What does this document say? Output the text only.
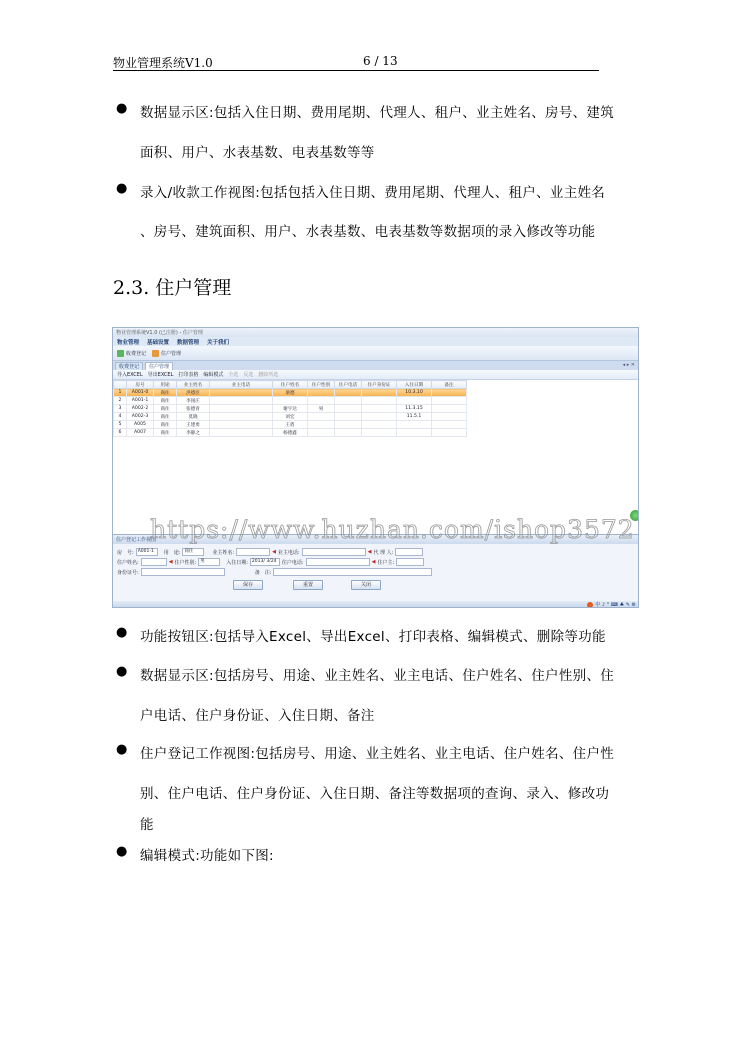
物业管理系统V1.0	6 / 13
● 数据显示区:包括入住日期、费用尾期、代理人、租户、业主姓名、房号、建筑
面积、用户、水表基数、电表基数等等
● 录入/收款工作视图:包括包括入住日期、费用尾期、代理人、租户、业主姓名
、房号、建筑面积、用户、水表基数、电表基数等数据项的录入修改等功能
2.3. 住户管理
物业管理系统V1.0 (已注册) - 住户管理
物业管理 基础设置 数据管理 关于我们
收费登记	住户管理
收费登记	住户管理	◂ ▸ ✕
导入EXCEL 导出EXCEL 打印表格 编辑模式 全选 反选 删除所选
	房号	用途	业主姓名	业主电话	住户姓名	住户性别	住户电话	住户身份证	入住日期	备注
1	A001-0	商住	洪德臣		梁德				10.3.10	
2	A001-1	商住	李国庄							
3	A002-2	商住	张德青		谢宇达	男			11.3.15	
4	A002-3	商住	莫晓		刘宏				11.5.1	
5	A005	商住	王建勇		王盾					
6	A007	商住	李静之		杨德鑫					
住户登记工作视图
房　号: A001-1	用　途: 商住	业主姓名:	◀ 业主电话:	◀ 代 理 人:
住户姓名:	◀ 住户性别: 男	入住日期: 2013/ 3/24	住户电话:	◀ 住户主:
身份证号:	备　注:
保存	重置	关闭
中 ♪ ° ⌨ ♣ ✎ ⚙
https://www.huzhan.com/ishop3572
● 功能按钮区:包括导入Excel、导出Excel、打印表格、编辑模式、删除等功能
● 数据显示区:包括房号、用途、业主姓名、业主电话、住户姓名、住户性别、住
户电话、住户身份证、入住日期、备注
● 住户登记工作视图:包括房号、用途、业主姓名、业主电话、住户姓名、住户性
别、住户电话、住户身份证、入住日期、备注等数据项的查询、录入、修改功
能
● 编辑模式:功能如下图:
